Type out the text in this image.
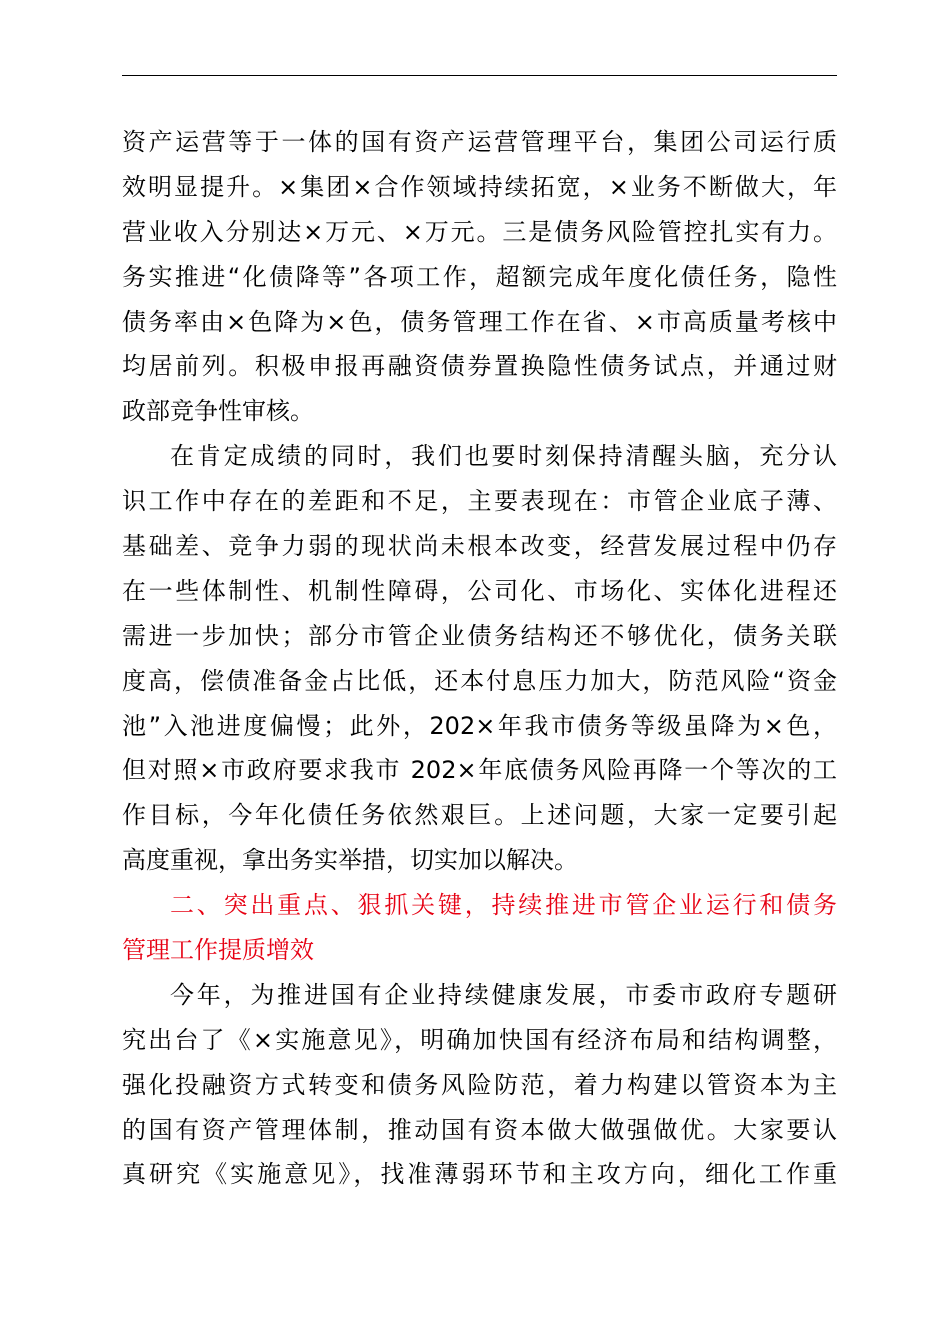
资产运营等于一体的国有资产运营管理平台，集团公司运行质
效明显提升。×集团×合作领域持续拓宽，×业务不断做大，年
营业收入分别达×万元、×万元。三是债务风险管控扎实有力。
务实推进“化债降等”各项工作，超额完成年度化债任务，隐性
债务率由×色降为×色，债务管理工作在省、×市高质量考核中
均居前列。积极申报再融资债券置换隐性债务试点，并通过财
政部竞争性审核。
在肯定成绩的同时，我们也要时刻保持清醒头脑，充分认
识工作中存在的差距和不足，主要表现在：市管企业底子薄、
基础差、竞争力弱的现状尚未根本改变，经营发展过程中仍存
在一些体制性、机制性障碍，公司化、市场化、实体化进程还
需进一步加快；部分市管企业债务结构还不够优化，债务关联
度高，偿债准备金占比低，还本付息压力加大，防范风险“资金
池”入池进度偏慢；此外，202×年我市债务等级虽降为×色，
但对照×市政府要求我市 202×年底债务风险再降一个等次的工
作目标，今年化债任务依然艰巨。上述问题，大家一定要引起
高度重视，拿出务实举措，切实加以解决。
二、突出重点、狠抓关键，持续推进市管企业运行和债务
管理工作提质增效
今年，为推进国有企业持续健康发展，市委市政府专题研
究出台了《×实施意见》，明确加快国有经济布局和结构调整，
强化投融资方式转变和债务风险防范，着力构建以管资本为主
的国有资产管理体制，推动国有资本做大做强做优。大家要认
真研究《实施意见》，找准薄弱环节和主攻方向，细化工作重
